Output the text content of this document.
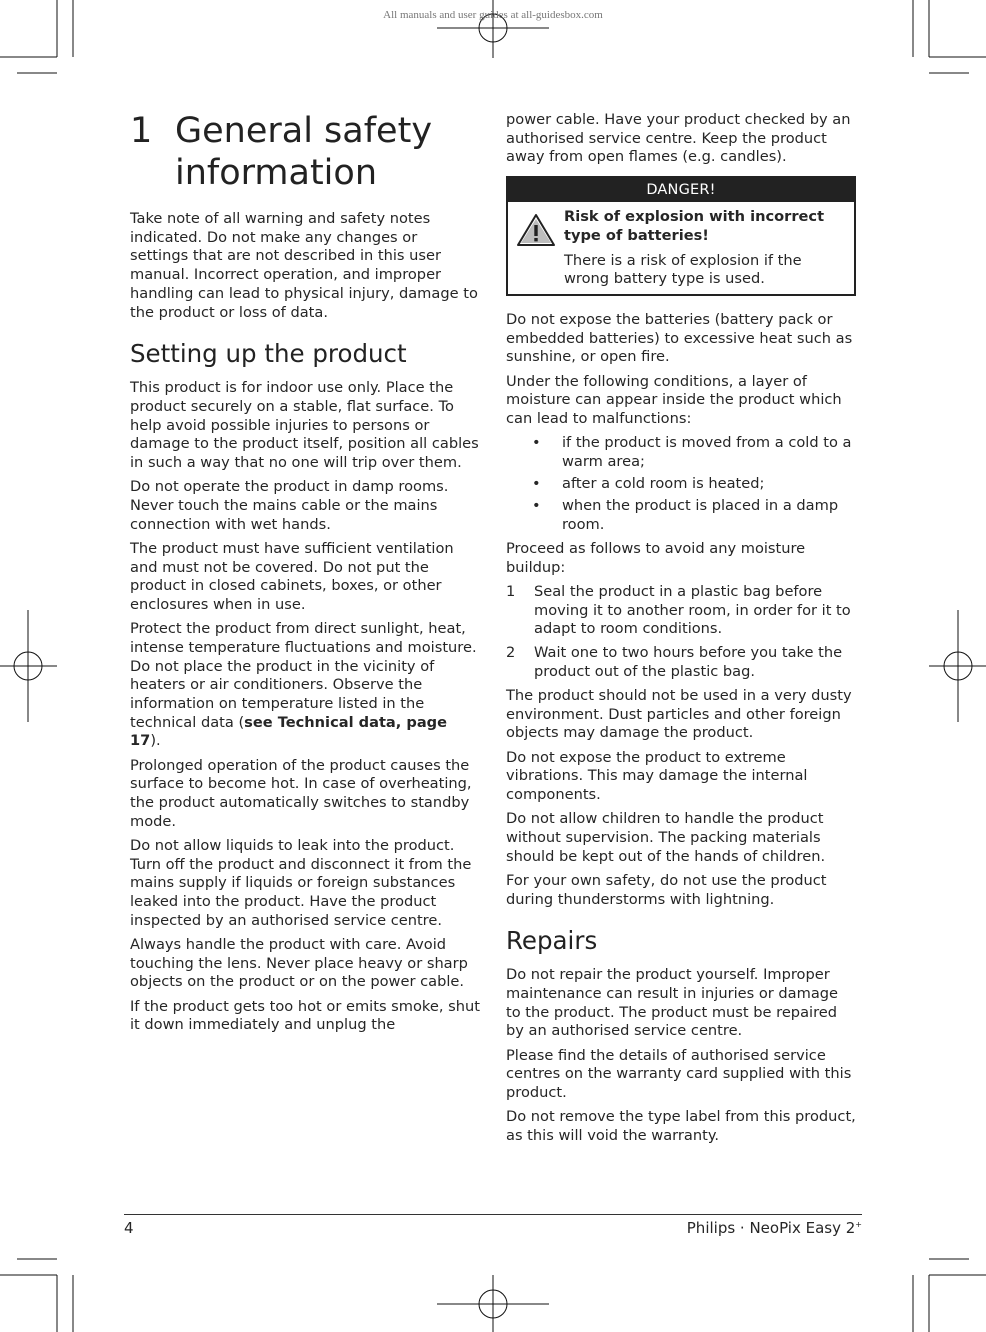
All manuals and user guides at all-guidesbox.com
1 General safety information

Take note of all warning and safety notes indicated. Do not make any changes or settings that are not described in this user manual. Incorrect operation, and improper handling can lead to physical injury, damage to the product or loss of data.

Setting up the product

This product is for indoor use only. Place the product securely on a stable, flat surface. To help avoid possible injuries to persons or damage to the product itself, position all cables in such a way that no one will trip over them.

Do not operate the product in damp rooms. Never touch the mains cable or the mains connection with wet hands.

The product must have sufficient ventilation and must not be covered. Do not put the product in closed cabinets, boxes, or other enclosures when in use.

Protect the product from direct sunlight, heat, intense temperature fluctuations and moisture. Do not place the product in the vicinity of heaters or air conditioners. Observe the information on temperature listed in the technical data (see Technical data, page 17).

Prolonged operation of the product causes the surface to become hot. In case of overheating, the product automatically switches to standby mode.

Do not allow liquids to leak into the product. Turn off the product and disconnect it from the mains supply if liquids or foreign substances leaked into the product. Have the product inspected by an authorised service centre.

Always handle the product with care. Avoid touching the lens. Never place heavy or sharp objects on the product or on the power cable.

If the product gets too hot or emits smoke, shut it down immediately and unplug the

power cable. Have your product checked by an authorised service centre. Keep the product away from open flames (e.g. candles).

DANGER!
Risk of explosion with incorrect type of batteries!
There is a risk of explosion if the wrong battery type is used.

Do not expose the batteries (battery pack or embedded batteries) to excessive heat such as sunshine, or open fire.

Under the following conditions, a layer of moisture can appear inside the product which can lead to malfunctions:

• if the product is moved from a cold to a warm area;
• after a cold room is heated;
• when the product is placed in a damp room.

Proceed as follows to avoid any moisture buildup:

1 Seal the product in a plastic bag before moving it to another room, in order for it to adapt to room conditions.
2 Wait one to two hours before you take the product out of the plastic bag.

The product should not be used in a very dusty environment. Dust particles and other foreign objects may damage the product.

Do not expose the product to extreme vibrations. This may damage the internal components.

Do not allow children to handle the product without supervision. The packing materials should be kept out of the hands of children.

For your own safety, do not use the product during thunderstorms with lightning.

Repairs

Do not repair the product yourself. Improper maintenance can result in injuries or damage to the product. The product must be repaired by an authorised service centre.

Please find the details of authorised service centres on the warranty card supplied with this product.

Do not remove the type label from this product, as this will void the warranty.

4	Philips · NeoPix Easy 2+
